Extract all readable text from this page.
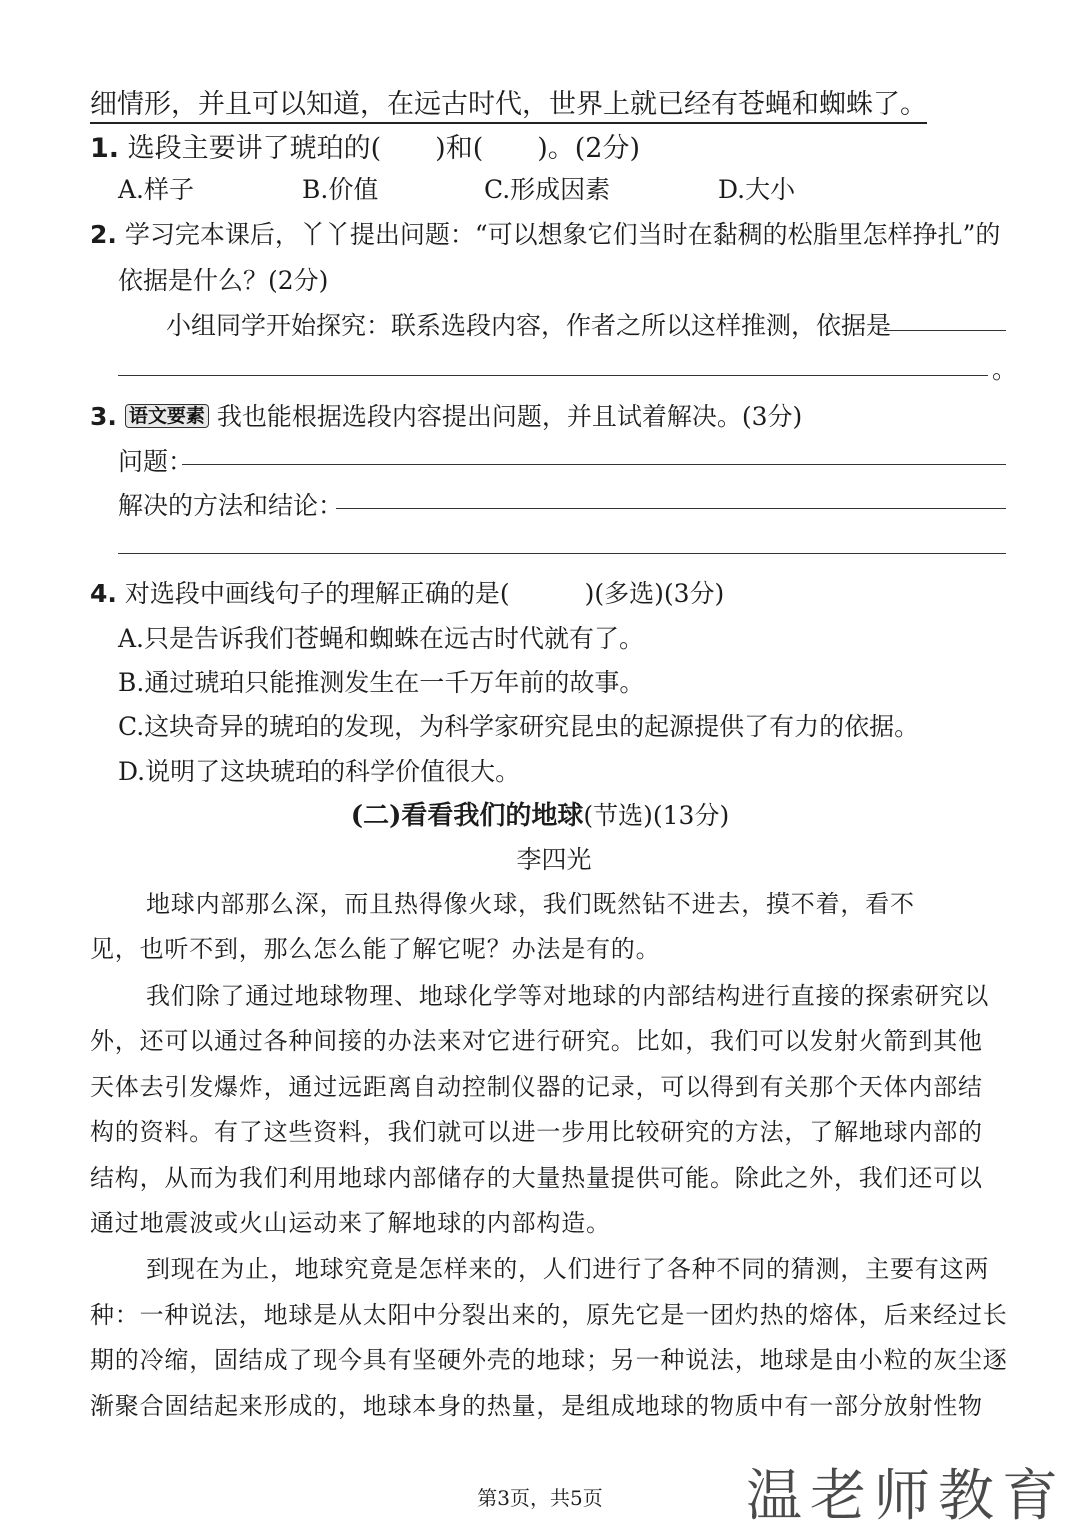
细情形，并且可以知道，在远古时代，世界上就已经有苍蝇和蜘蛛了。
1. 选段主要讲了琥珀的(　　)和(　　)。(2分)
A.样子	B.价值	C.形成因素	D.大小
2. 学习完本课后，丫丫提出问题：“可以想象它们当时在黏稠的松脂里怎样挣扎”的
依据是什么？(2分)
小组同学开始探究：联系选段内容，作者之所以这样推测，依据是
。
3. 语文要素 我也能根据选段内容提出问题，并且试着解决。(3分)
问题：
解决的方法和结论：
4. 对选段中画线句子的理解正确的是(　　　)(多选)(3分)
A.只是告诉我们苍蝇和蜘蛛在远古时代就有了。
B.通过琥珀只能推测发生在一千万年前的故事。
C.这块奇异的琥珀的发现，为科学家研究昆虫的起源提供了有力的依据。
D.说明了这块琥珀的科学价值很大。
(二)看看我们的地球(节选)(13分)
李四光
地球内部那么深，而且热得像火球，我们既然钻不进去，摸不着，看不
见，也听不到，那么怎么能了解它呢？办法是有的。
我们除了通过地球物理、地球化学等对地球的内部结构进行直接的探索研究以
外，还可以通过各种间接的办法来对它进行研究。比如，我们可以发射火箭到其他
天体去引发爆炸，通过远距离自动控制仪器的记录，可以得到有关那个天体内部结
构的资料。有了这些资料，我们就可以进一步用比较研究的方法，了解地球内部的
结构，从而为我们利用地球内部储存的大量热量提供可能。除此之外，我们还可以
通过地震波或火山运动来了解地球的内部构造。
到现在为止，地球究竟是怎样来的，人们进行了各种不同的猜测，主要有这两
种：一种说法，地球是从太阳中分裂出来的，原先它是一团灼热的熔体，后来经过长
期的冷缩，固结成了现今具有坚硬外壳的地球；另一种说法，地球是由小粒的灰尘逐
渐聚合固结起来形成的，地球本身的热量，是组成地球的物质中有一部分放射性物
第3页，共5页	温老师教育
